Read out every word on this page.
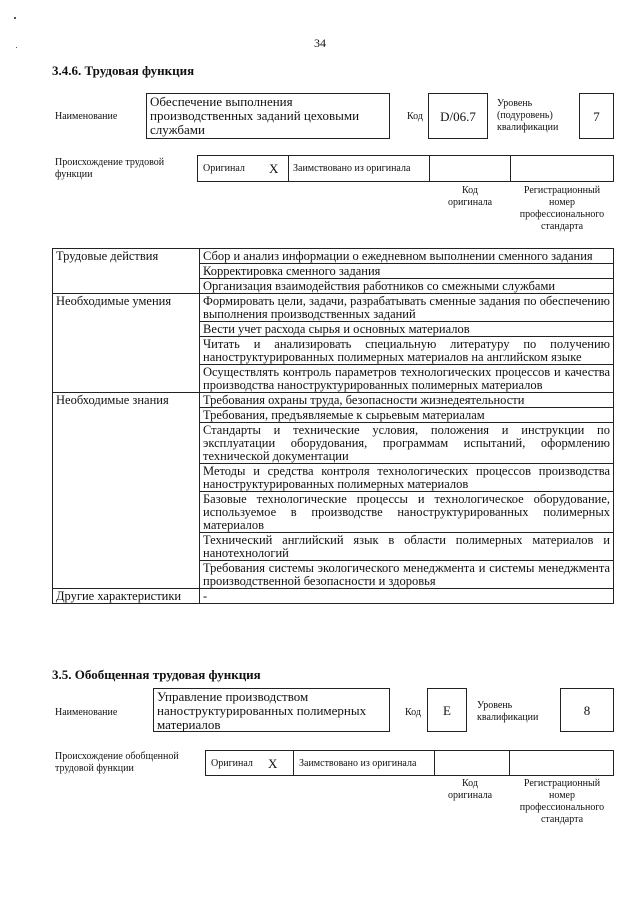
34
3.4.6. Трудовая функция
Наименование
Обеспечение выполнения производственных заданий цеховыми службами
Код	D/06.7
Уровень (подуровень) квалификации
7
Происхождение трудовой функции
Оригинал X Заимствовано из оригинала
Код оригинала
Регистрационный номер профессионального стандарта
Трудовые действия	Сбор и анализ информации о ежедневном выполнении сменного задания
	Корректировка сменного задания
	Организация взаимодействия работников со смежными службами
Необходимые умения	Формировать цели, задачи, разрабатывать сменные задания по обеспечению выполнения производственных заданий
	Вести учет расхода сырья и основных материалов
	Читать и анализировать специальную литературу по получению наноструктурированных полимерных материалов на английском языке
	Осуществлять контроль параметров технологических процессов и качества производства наноструктурированных полимерных материалов
Необходимые знания	Требования охраны труда, безопасности жизнедеятельности
	Требования, предъявляемые к сырьевым материалам
	Стандарты и технические условия, положения и инструкции по эксплуатации оборудования, программам испытаний, оформлению технической документации
	Методы и средства контроля технологических процессов производства наноструктурированных полимерных материалов
	Базовые технологические процессы и технологическое оборудование, используемое в производстве наноструктурированных полимерных материалов
	Технический английский язык в области полимерных материалов и нанотехнологий
	Требования системы экологического менеджмента и системы менеджмента производственной безопасности и здоровья
Другие характеристики	-
3.5. Обобщенная трудовая функция
Наименование
Управление производством наноструктурированных полимерных материалов
Код	E	Уровень квалификации	8
Происхождение обобщенной трудовой функции	Оригинал X Заимствовано из оригинала
Код оригинала
Регистрационный номер профессионального стандарта
